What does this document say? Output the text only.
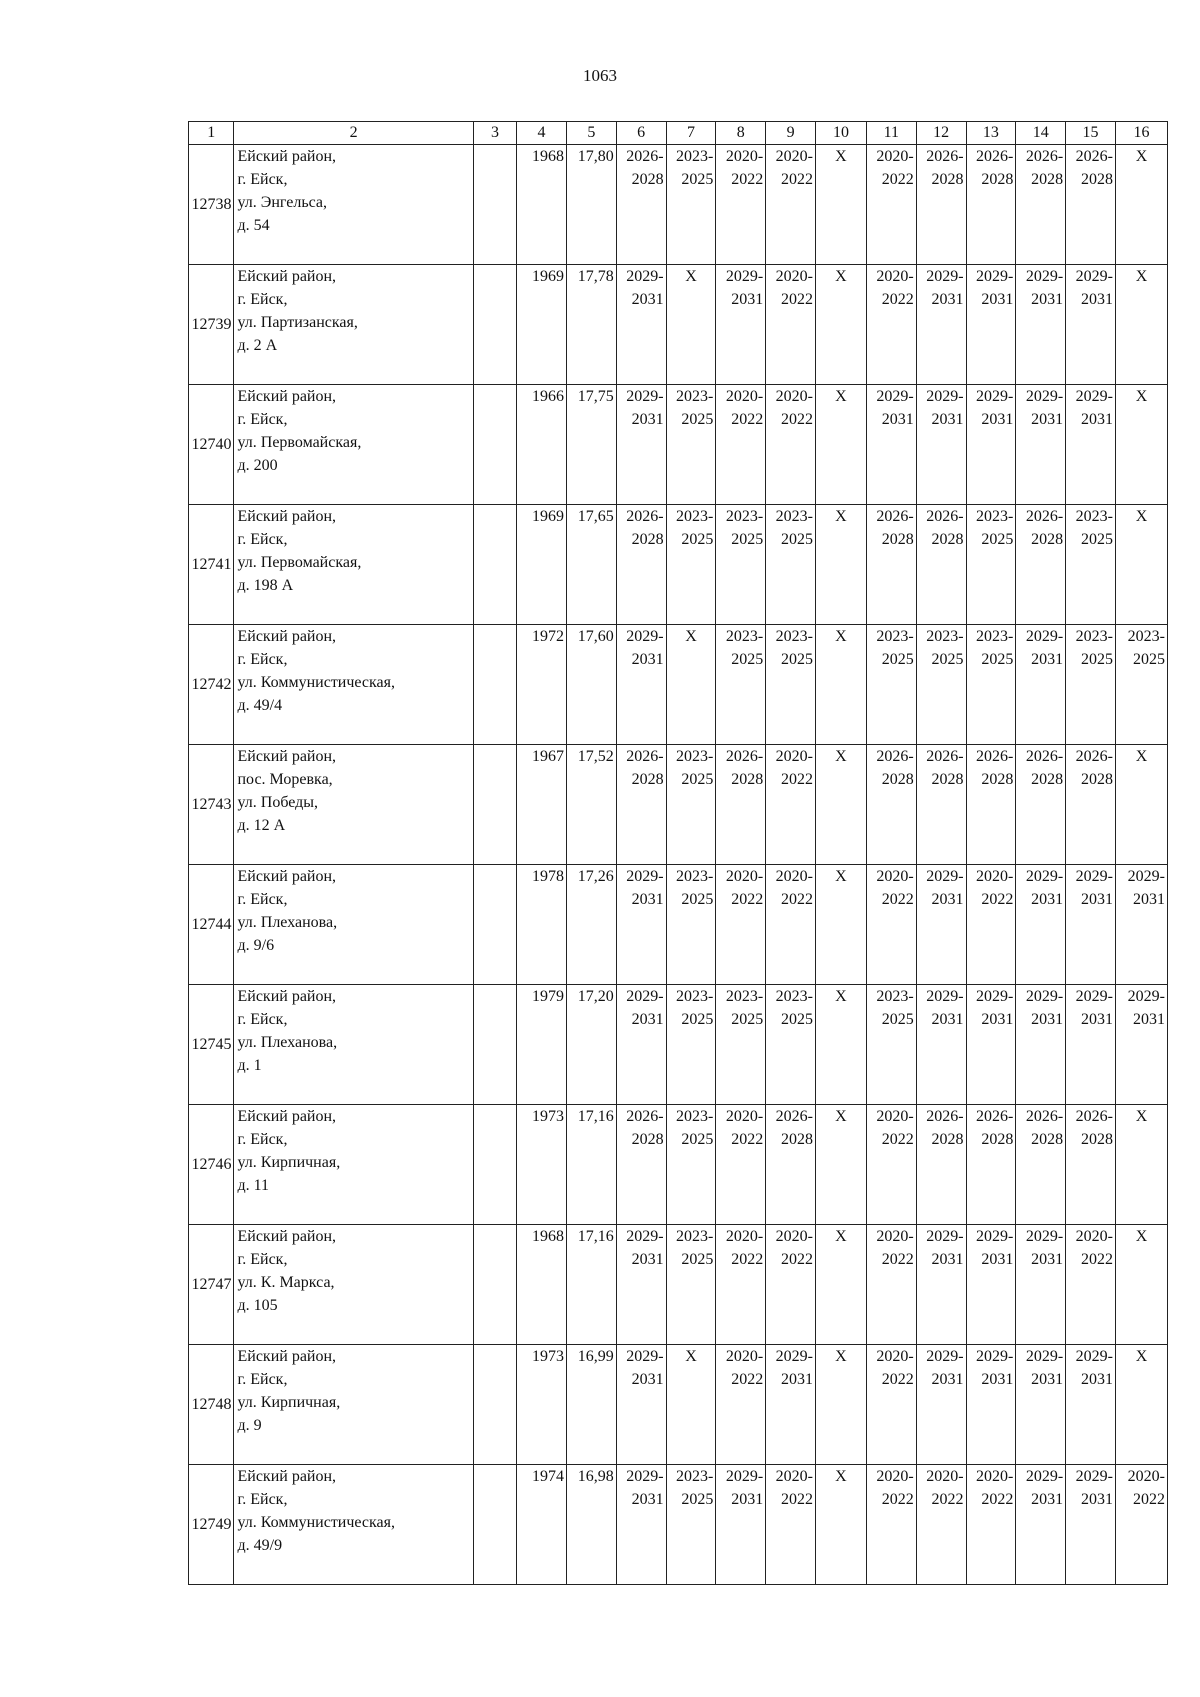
1063
1	2	3	4	5	6	7	8	9	10	11	12	13	14	15	16
12738	Ейский район,
г. Ейск,
ул. Энгельса,
д. 54		1968	17,80	2026-
2028	2023-
2025	2020-
2022	2020-
2022	X	2020-
2022	2026-
2028	2026-
2028	2026-
2028	2026-
2028	X
12739	Ейский район,
г. Ейск,
ул. Партизанская,
д. 2 А		1969	17,78	2029-
2031	X	2029-
2031	2020-
2022	X	2020-
2022	2029-
2031	2029-
2031	2029-
2031	2029-
2031	X
12740	Ейский район,
г. Ейск,
ул. Первомайская,
д. 200		1966	17,75	2029-
2031	2023-
2025	2020-
2022	2020-
2022	X	2029-
2031	2029-
2031	2029-
2031	2029-
2031	2029-
2031	X
12741	Ейский район,
г. Ейск,
ул. Первомайская,
д. 198 А		1969	17,65	2026-
2028	2023-
2025	2023-
2025	2023-
2025	X	2026-
2028	2026-
2028	2023-
2025	2026-
2028	2023-
2025	X
12742	Ейский район,
г. Ейск,
ул. Коммунистическая,
д. 49/4		1972	17,60	2029-
2031	X	2023-
2025	2023-
2025	X	2023-
2025	2023-
2025	2023-
2025	2029-
2031	2023-
2025	2023-
2025

12743	Ейский район,
пос. Моревка,
ул. Победы,
д. 12 А		1967	17,52	2026-
2028	2023-
2025	2026-
2028	2020-
2022	X	2026-
2028	2026-
2028	2026-
2028	2026-
2028	2026-
2028	X
12744	Ейский район,
г. Ейск,
ул. Плеханова,
д. 9/6		1978	17,26	2029-
2031	2023-
2025	2020-
2022	2020-
2022	X	2020-
2022	2029-
2031	2020-
2022	2029-
2031	2029-
2031	2029-
2031

12745	Ейский район,
г. Ейск,
ул. Плеханова,
д. 1		1979	17,20	2029-
2031	2023-
2025	2023-
2025	2023-
2025	X	2023-
2025	2029-
2031	2029-
2031	2029-
2031	2029-
2031	2029-
2031

12746	Ейский район,
г. Ейск,
ул. Кирпичная,
д. 11		1973	17,16	2026-
2028	2023-
2025	2020-
2022	2026-
2028	X	2020-
2022	2026-
2028	2026-
2028	2026-
2028	2026-
2028	X
12747	Ейский район,
г. Ейск,
ул. К. Маркса,
д. 105		1968	17,16	2029-
2031	2023-
2025	2020-
2022	2020-
2022	X	2020-
2022	2029-
2031	2029-
2031	2029-
2031	2020-
2022	X
12748	Ейский район,
г. Ейск,
ул. Кирпичная,
д. 9		1973	16,99	2029-
2031	X	2020-
2022	2029-
2031	X	2020-
2022	2029-
2031	2029-
2031	2029-
2031	2029-
2031	X
12749	Ейский район,
г. Ейск,
ул. Коммунистическая,
д. 49/9		1974	16,98	2029-
2031	2023-
2025	2029-
2031	2020-
2022	X	2020-
2022	2020-
2022	2020-
2022	2029-
2031	2029-
2031	2020-
2022
